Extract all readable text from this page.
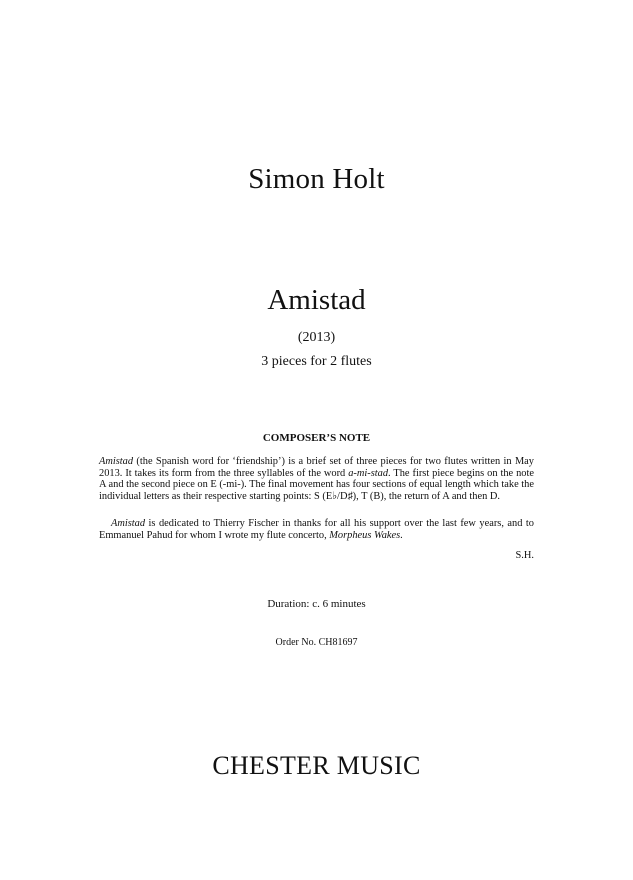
Simon Holt
Amistad
(2013)
3 pieces for 2 flutes
COMPOSER’S NOTE
Amistad (the Spanish word for ‘friendship’) is a brief set of three pieces for two flutes written in May 2013. It takes its form from the three syllables of the word a-mi-stad. The first piece begins on the note A and the second piece on E (-mi-). The final movement has four sections of equal length which take the individual letters as their respective starting points: S (E♭/D♯), T (B), the return of A and then D.
Amistad is dedicated to Thierry Fischer in thanks for all his support over the last few years, and to Emmanuel Pahud for whom I wrote my flute concerto, Morpheus Wakes.
S.H.
Duration: c. 6 minutes
Order No. CH81697
CHESTER MUSIC
